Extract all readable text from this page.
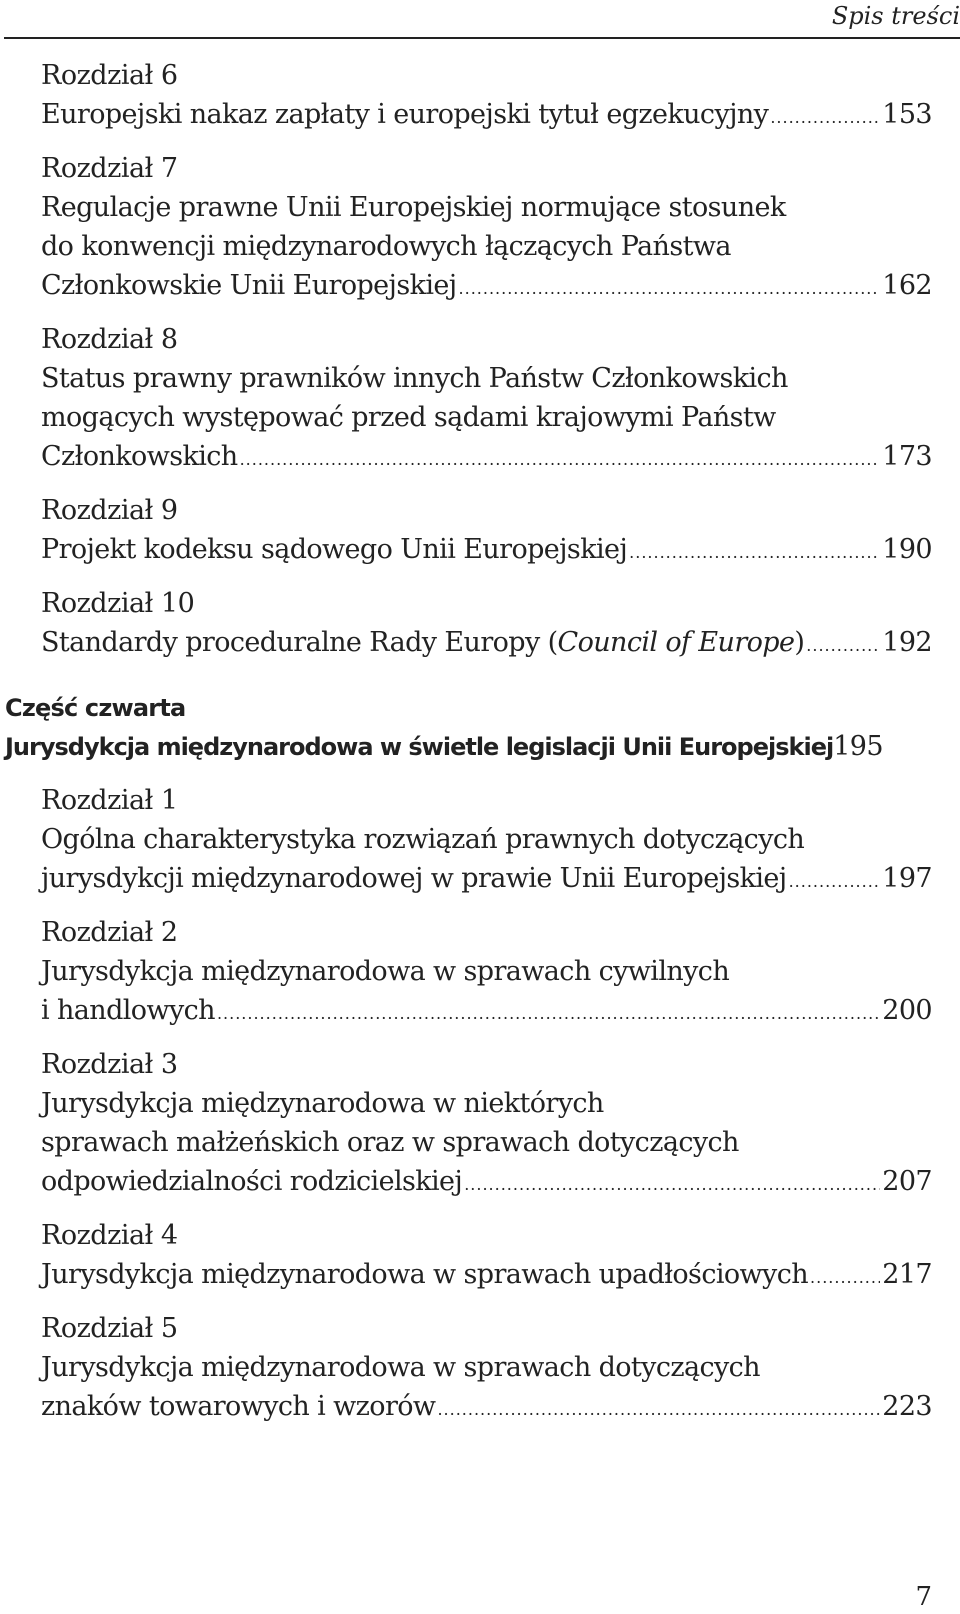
Spis treści
Rozdział 6
Europejski nakaz zapłaty i europejski tytuł egzekucyjny .....	153
Rozdział 7
Regulacje prawne Unii Europejskiej normujące stosunek
do konwencji międzynarodowych łączących Państwa
Członkowskie Unii Europejskiej .....	162
Rozdział 8
Status prawny prawników innych Państw Członkowskich
mogących występować przed sądami krajowymi Państw
Członkowskich .....	173
Rozdział 9
Projekt kodeksu sądowego Unii Europejskiej .....	190
Rozdział 10
Standardy proceduralne Rady Europy (Council of Europe) .....	192
Część czwarta
Jurysdykcja międzynarodowa w świetle legislacji Unii Europejskiej 195
Rozdział 1
Ogólna charakterystyka rozwiązań prawnych dotyczących
jurysdykcji międzynarodowej w prawie Unii Europejskiej .....	197
Rozdział 2
Jurysdykcja międzynarodowa w sprawach cywilnych
i handlowych .....	200
Rozdział 3
Jurysdykcja międzynarodowa w niektórych
sprawach małżeńskich oraz w sprawach dotyczących
odpowiedzialności rodzicielskiej .....	207
Rozdział 4
Jurysdykcja międzynarodowa w sprawach upadłościowych .....	217
Rozdział 5
Jurysdykcja międzynarodowa w sprawach dotyczących
znaków towarowych i wzorów .....	223
7
